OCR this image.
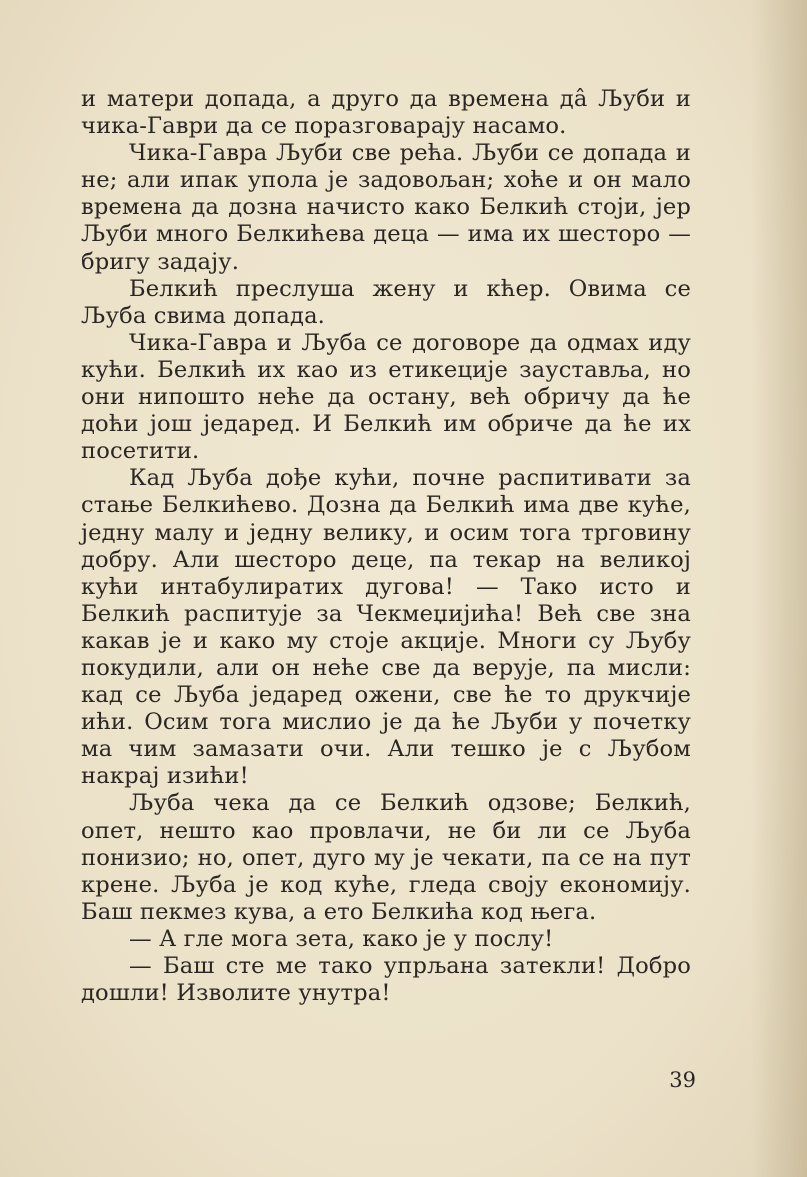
и матери допада, а друго да времена дâ Љуби и чика-Гаври да се поразговарају насамо.

Чика-Гавра Љуби све рећа. Љуби се допада и не; али ипак упола је задовољан; хоће и он мало времена да дозна начисто како Белкић стоји, јер Љуби много Белкићева деца — има их шесторо — бригу задају.

Белкић преслуша жену и кћер. Овима се Љуба свима допада.

Чика-Гавра и Љуба се договоре да одмах иду кући. Белкић их као из етикеције зауставља, но они нипошто неће да остану, већ обричу да ће доћи још једаред. И Белкић им обриче да ће их посетити.

Кад Љуба дође кући, почне распитивати за стање Белкићево. Дозна да Белкић има две куће, једну малу и једну велику, и осим тога трговину добру. Али шесторо деце, па текар на великој кући интабулиратих дугова! — Тако исто и Белкић распитује за Чекмеџијића! Већ све зна какав је и како му стоје акције. Многи су Љубу покудили, али он неће све да верује, па мисли: кад се Љуба једаред ожени, све ће то друкчије ићи. Осим тога мислио је да ће Љуби у почетку ма чим замазати очи. Али тешко је с Љубом накрај изићи!

Љуба чека да се Белкић одзове; Белкић, опет, нешто као провлачи, не би ли се Љуба понизио; но, опет, дуго му је чекати, па се на пут крене. Љуба је код куће, гледа своју економију. Баш пекмез кува, а ето Белкића код њега.

— А гле мога зета, како је у послу!

— Баш сте ме тако упрљана затекли! Добро дошли! Изволите унутра!

39
